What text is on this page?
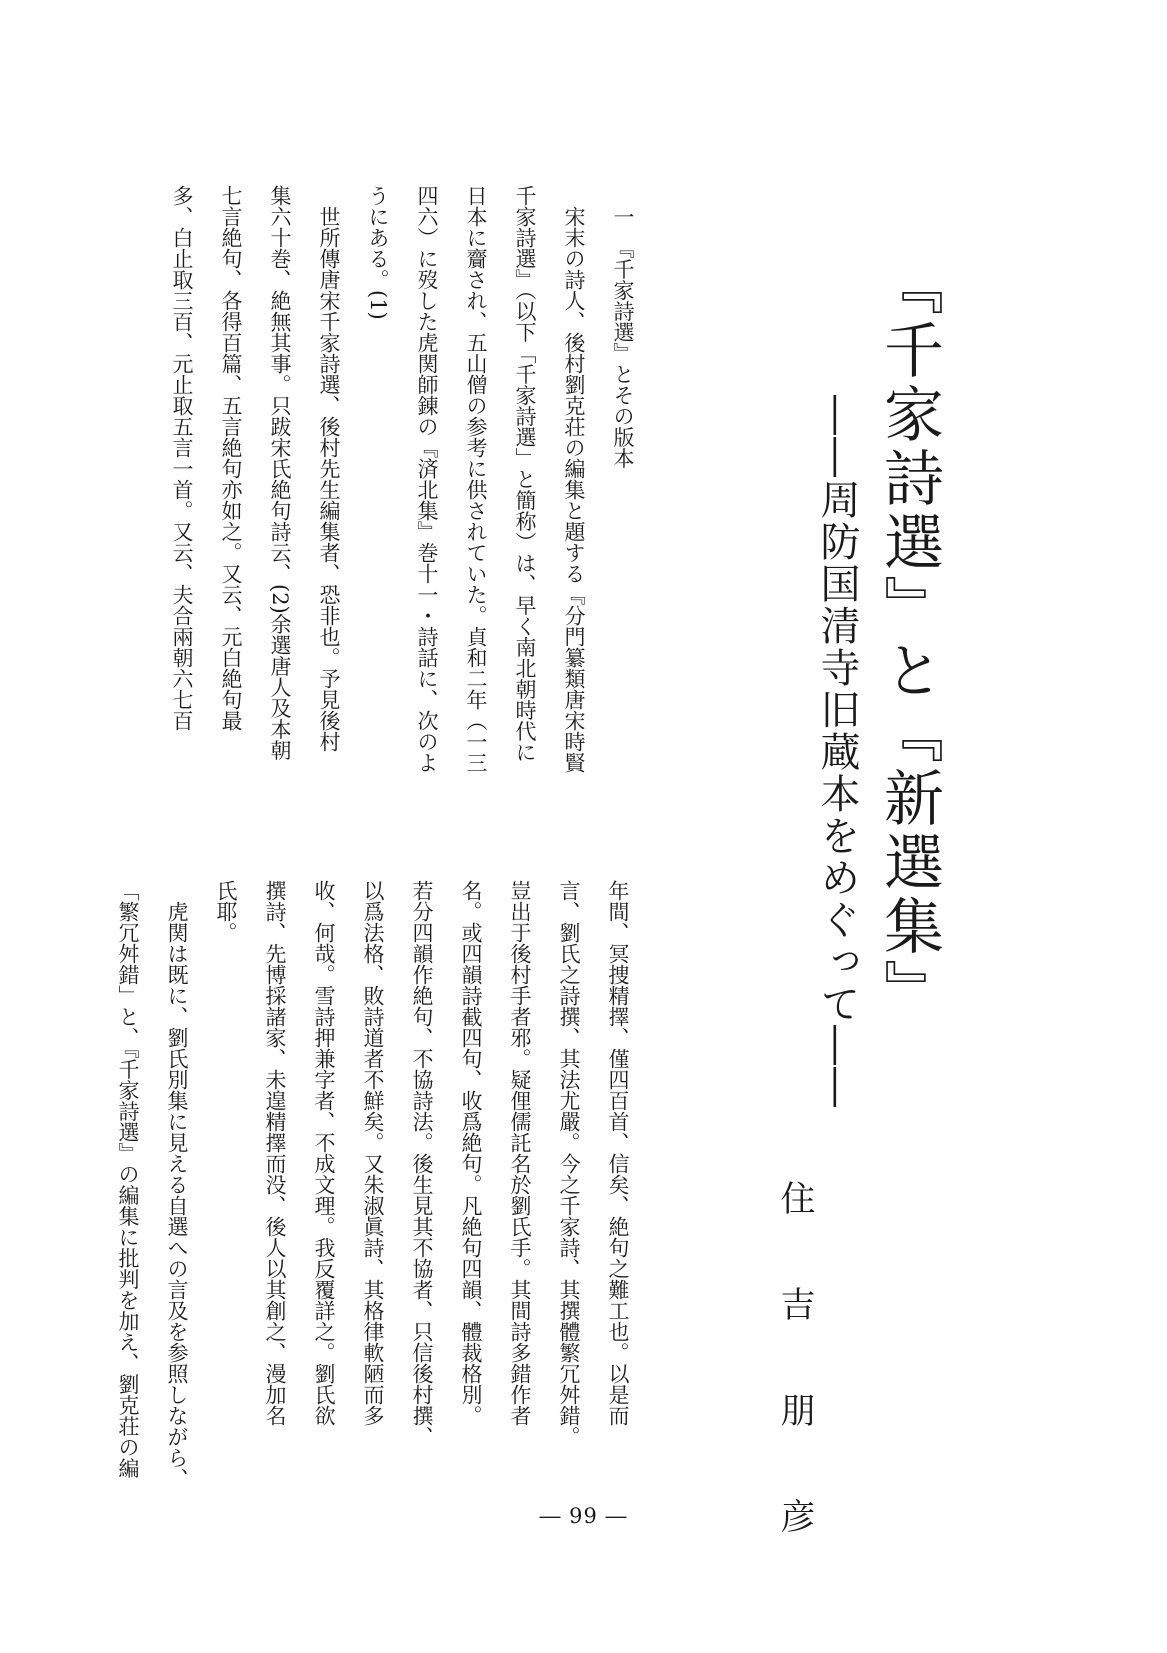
『千家詩選』と『新選集』
――周防国清寺旧蔵本をめぐって――
住　吉　朋　彦
一　『千家詩選』とその版本
　宋末の詩人、後村劉克荘の編集と題する『分門纂類唐宋時賢
千家詩選』（以下「千家詩選」と簡称）は、早く南北朝時代に
日本に齎され、五山僧の参考に供されていた。貞和二年（一三
四六）に歿した虎関師錬の『済北集』巻十一・詩話に、次のよ
うにある。(1)
世所傳唐宋千家詩選、後村先生編集者、恐非也。予見後村
集六十巻、絶無其事。只跋宋氏絶句詩云、(2)余選唐人及本朝
七言絶句、各得百篇、五言絶句亦如之。又云、元白絶句最
多、白止取三百、元止取五言一首。又云、夫合兩朝六七百
年間、冥捜精擇、僅四百首、信矣、絶句之難工也。以是而
言、劉氏之詩撰、其法尤嚴。今之千家詩、其撰體繁冗舛錯。
豈出于後村手者邪。疑俚儒託名於劉氏手。其間詩多錯作者
名。或四韻詩截四句、收爲絶句。凡絶句四韻、體裁格別。
若分四韻作絶句、不協詩法。後生見其不協者、只信後村撰、
以爲法格、敗詩道者不鮮矣。又朱淑眞詩、其格律軟陋而多
收、何哉。雪詩押兼字者、不成文理。我反覆詳之。劉氏欲
撰詩、先博採諸家、未遑精擇而没、後人以其創之、漫加名
氏耶。
　虎関は既に、劉氏別集に見える自選への言及を参照しながら、
「繁冗舛錯」と、『千家詩選』の編集に批判を加え、劉克荘の編
― 99 ―
